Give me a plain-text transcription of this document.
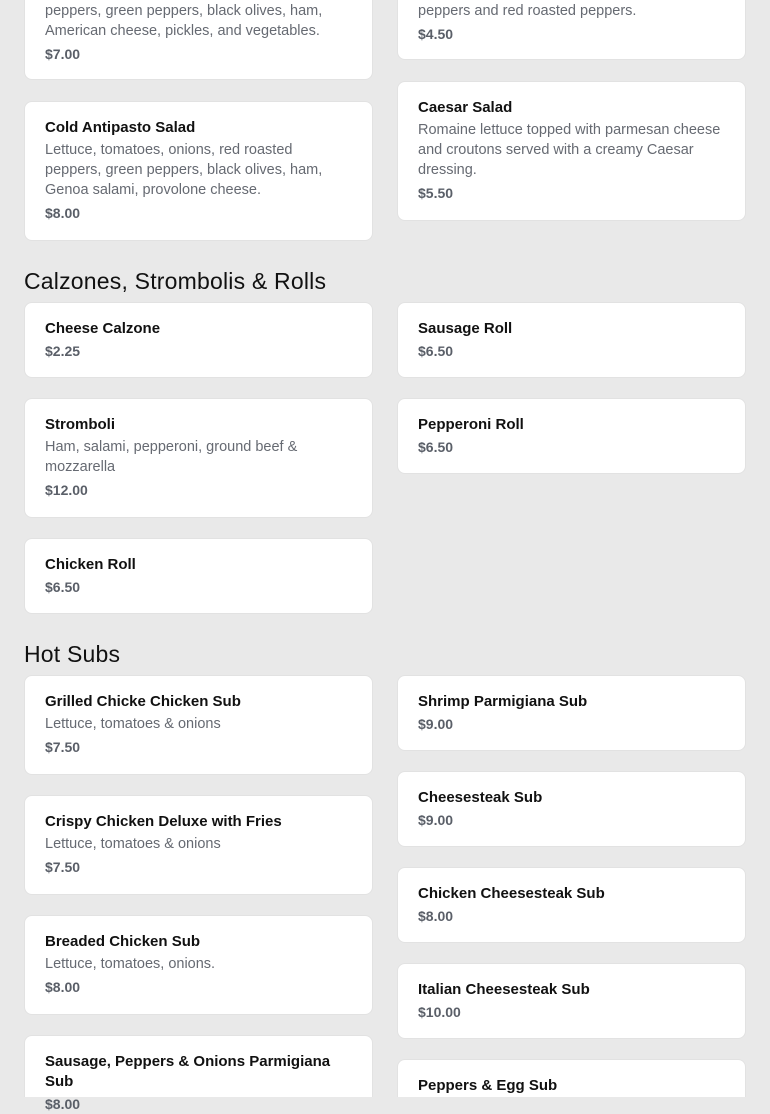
peppers, green peppers, black olives, ham, American cheese, pickles, and vegetables.
$7.00
peppers and red roasted peppers.
$4.50
Cold Antipasto Salad
Lettuce, tomatoes, onions, red roasted peppers, green peppers, black olives, ham, Genoa salami, provolone cheese.
$8.00
Caesar Salad
Romaine lettuce topped with parmesan cheese and croutons served with a creamy Caesar dressing.
$5.50
Calzones, Strombolis & Rolls
Cheese Calzone
$2.25
Sausage Roll
$6.50
Stromboli
Ham, salami, pepperoni, ground beef & mozzarella
$12.00
Pepperoni Roll
$6.50
Chicken Roll
$6.50
Hot Subs
Grilled Chicke Chicken Sub
Lettuce, tomatoes & onions
$7.50
Shrimp Parmigiana Sub
$9.00
Crispy Chicken Deluxe with Fries
Lettuce, tomatoes & onions
$7.50
Cheesesteak Sub
$9.00
Chicken Cheesesteak Sub
$8.00
Breaded Chicken Sub
Lettuce, tomatoes, onions.
$8.00	Italian Cheesesteak Sub
$10.00
Sausage, Peppers & Onions Parmigiana Sub
$8.00
Peppers & Egg Sub
